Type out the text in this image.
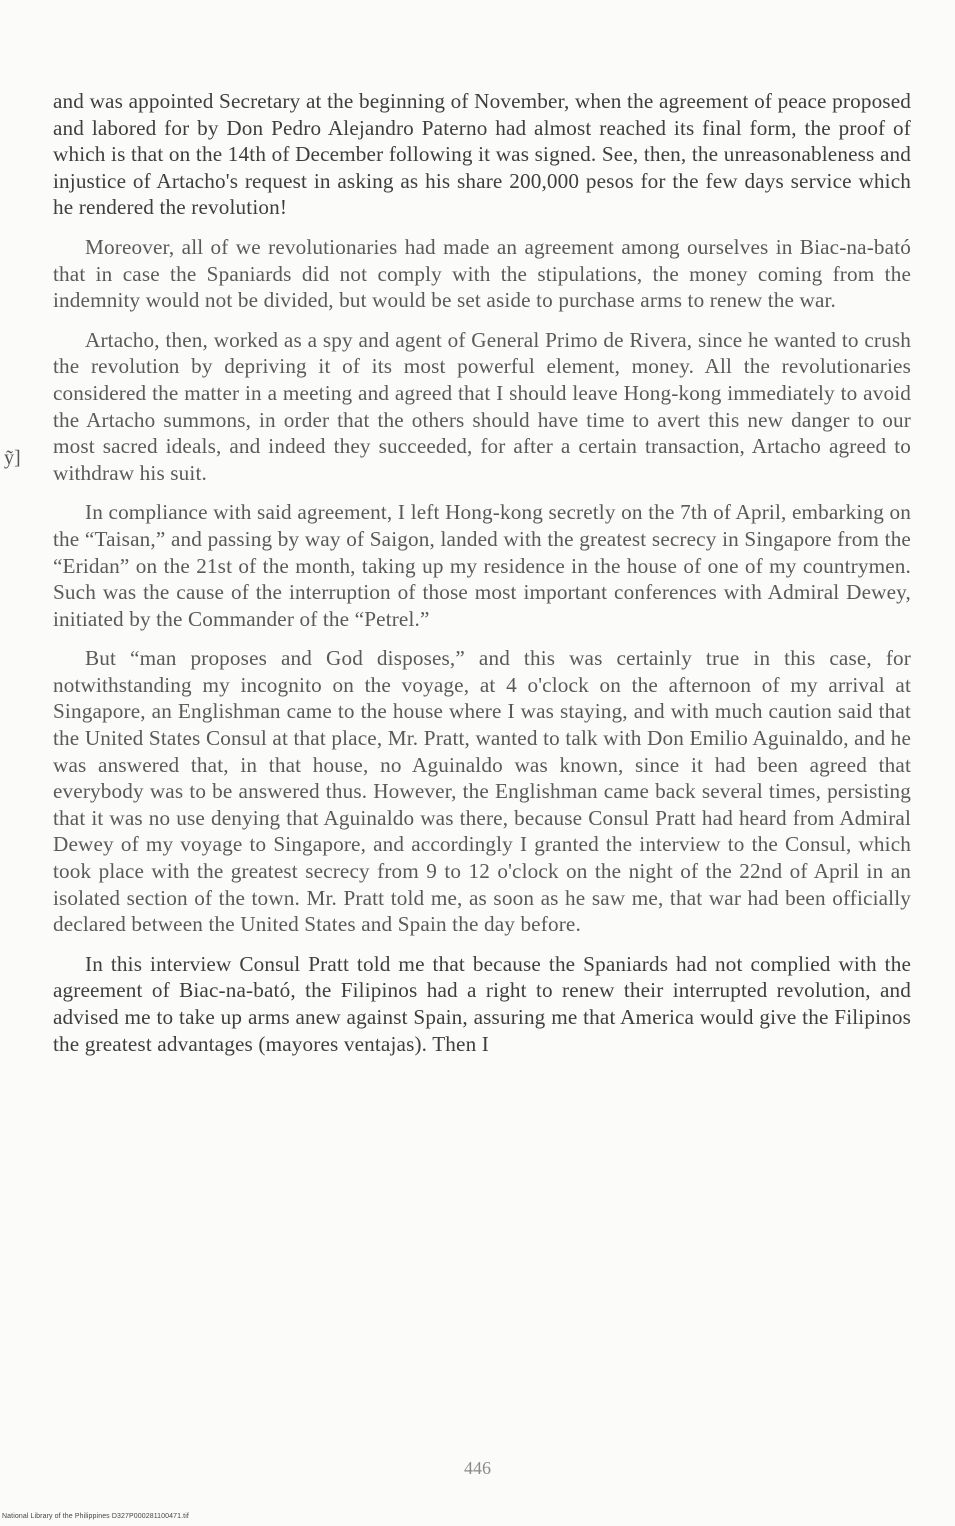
ỹ]

and was appointed Secretary at the beginning of November, when the agreement of peace proposed and labored for by Don Pedro Alejandro Paterno had almost reached its final form, the proof of which is that on the 14th of December following it was signed. See, then, the unreasonableness and injustice of Artacho's request in asking as his share 200,000 pesos for the few days service which he rendered the revolution!

Moreover, all of we revolutionaries had made an agreement among ourselves in Biac-na-bató that in case the Spaniards did not comply with the stipulations, the money coming from the indemnity would not be divided, but would be set aside to purchase arms to renew the war.

Artacho, then, worked as a spy and agent of General Primo de Rivera, since he wanted to crush the revolution by depriving it of its most powerful element, money. All the revolutionaries considered the matter in a meeting and agreed that I should leave Hong-kong immediately to avoid the Artacho summons, in order that the others should have time to avert this new danger to our most sacred ideals, and indeed they succeeded, for after a certain transaction, Artacho agreed to withdraw his suit.

In compliance with said agreement, I left Hong-kong secretly on the 7th of April, embarking on the “Taisan,” and passing by way of Saigon, landed with the greatest secrecy in Singapore from the “Eridan” on the 21st of the month, taking up my residence in the house of one of my countrymen. Such was the cause of the interruption of those most important conferences with Admiral Dewey, initiated by the Commander of the “Petrel.”

But “man proposes and God disposes,” and this was certainly true in this case, for notwithstanding my incognito on the voyage, at 4 o'clock on the afternoon of my arrival at Singapore, an Englishman came to the house where I was staying, and with much caution said that the United States Consul at that place, Mr. Pratt, wanted to talk with Don Emilio Aguinaldo, and he was answered that, in that house, no Aguinaldo was known, since it had been agreed that everybody was to be answered thus. However, the Englishman came back several times, persisting that it was no use denying that Aguinaldo was there, because Consul Pratt had heard from Admiral Dewey of my voyage to Singapore, and accordingly I granted the interview to the Consul, which took place with the greatest secrecy from 9 to 12 o'clock on the night of the 22nd of April in an isolated section of the town. Mr. Pratt told me, as soon as he saw me, that war had been officially declared between the United States and Spain the day before.

In this interview Consul Pratt told me that because the Spaniards had not complied with the agreement of Biac-na-bató, the Filipinos had a right to renew their interrupted revolution, and advised me to take up arms anew against Spain, assuring me that America would give the Filipinos the greatest advantages (mayores ventajas). Then I

446
National Library of the Philippines D327P000281100471.tif
